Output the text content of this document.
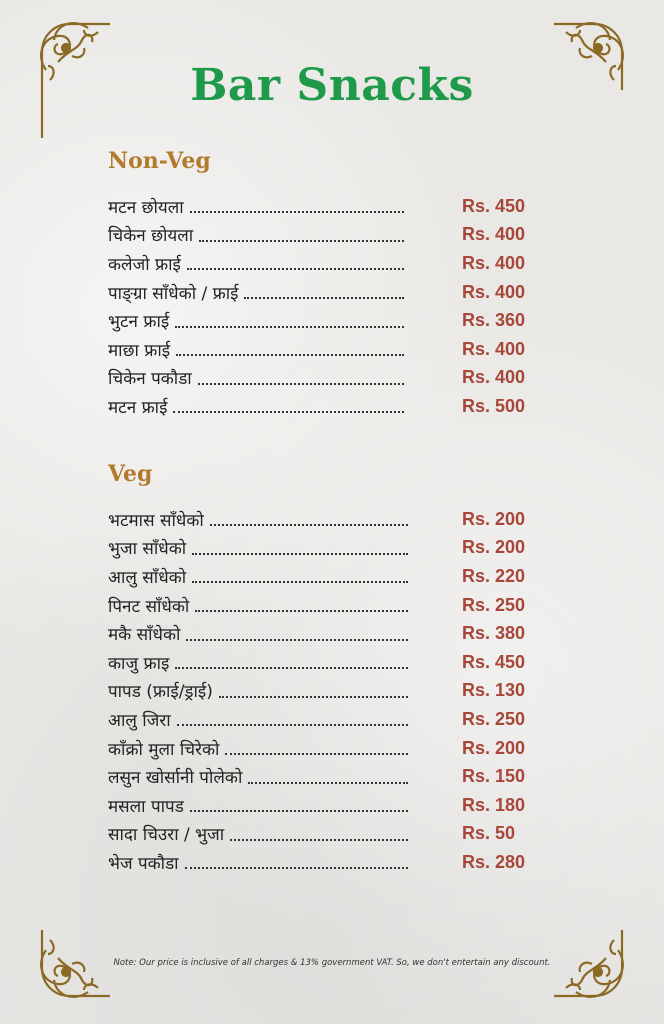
Bar Snacks
Non-Veg
मटन छोयला	Rs. 450
चिकेन छोयला	Rs. 400
कलेजो फ्राई	Rs. 400
पाङ्ग्रा साँधेको / फ्राई	Rs. 400
भुटन फ्राई	Rs. 360
माछा फ्राई	Rs. 400
चिकेन पकौडा	Rs. 400
मटन फ्राई	Rs. 500
Veg
भटमास साँधेको	Rs. 200
भुजा साँधेको	Rs. 200
आलु साँधेको	Rs. 220
पिनट साँधेको	Rs. 250
मकै साँधेको	Rs. 380
काजु फ्राइ	Rs. 450
पापड (फ्राई/ड्राई)	Rs. 130
आलु जिरा	Rs. 250
काँक्रो मुला चिरेको	Rs. 200
लसुन खोर्सानी पोलेको	Rs. 150
मसला पापड	Rs. 180
सादा चिउरा / भुजा	Rs. 50
भेज पकौडा	Rs. 280
Note: Our price is inclusive of all charges & 13% government VAT. So, we don't entertain any discount.
